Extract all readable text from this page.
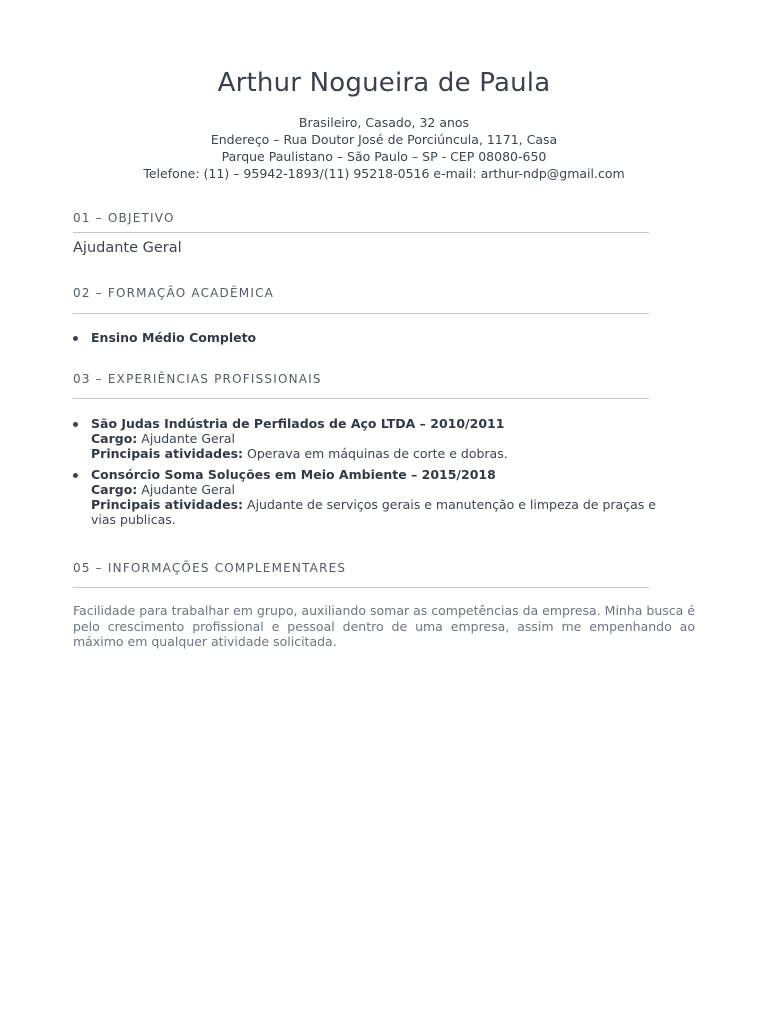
Arthur Nogueira de Paula
Brasileiro, Casado, 32 anos
Endereço – Rua Doutor José de Porciúncula, 1171, Casa
Parque Paulistano – São Paulo – SP - CEP 08080-650
Telefone: (11) – 95942-1893/(11) 95218-0516 e-mail: arthur-ndp@gmail.com
01 – OBJETIVO
Ajudante Geral
02 – FORMAÇÃO ACADÊMICA
Ensino Médio Completo
03 – EXPERIÊNCIAS PROFISSIONAIS
São Judas Indústria de Perfilados de Aço LTDA – 2010/2011
Cargo: Ajudante Geral
Principais atividades: Operava em máquinas de corte e dobras.
Consórcio Soma Soluções em Meio Ambiente – 2015/2018
Cargo: Ajudante Geral
Principais atividades: Ajudante de serviços gerais e manutenção e limpeza de praças e vias publicas.
05 – INFORMAÇÕES COMPLEMENTARES
Facilidade para trabalhar em grupo, auxiliando somar as competências da empresa. Minha busca é pelo crescimento profissional e pessoal dentro de uma empresa, assim me empenhando ao máximo em qualquer atividade solicitada.
